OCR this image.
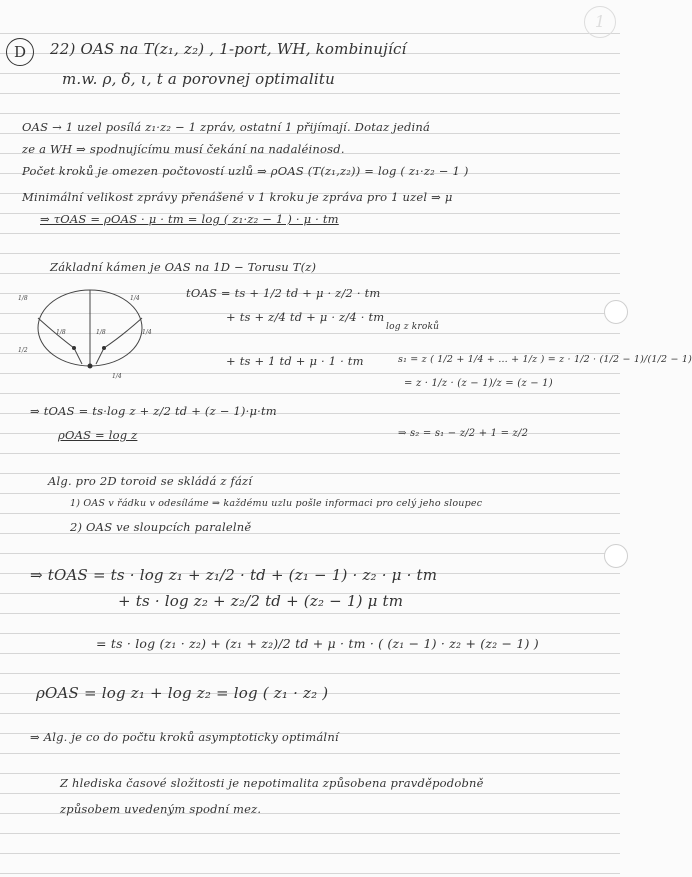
1
D	22) OAS na T(z₁, z₂) , 1-port, WH, kombinující
m.w. ρ, δ, ι, t a porovnej optimalitu
OAS → 1 uzel posílá z₁·z₂ − 1 zpráv, ostatní 1 přijímají. Dotaz jediná
ze a WH ⇒ spodnujícímu musí čekání na nadaléinosd.
Počet kroků je omezen počtovostí uzlů ⇒ ρOAS (T(z₁,z₂)) = log ( z₁·z₂ − 1 )
Minimální velikost zprávy přenášené v 1 kroku je zpráva pro 1 uzel ⇒ μ
⇒ τOAS = ρOAS · μ · tm = log ( z₁·z₂ − 1 ) · μ · tm
Základní kámen je OAS na 1D − Torusu T(z)
1/8	1/4
1/8	1/8	1/4
1/2
1/4
tOAS = ts + 1/2 td + μ · z/2 · tm
+ ts + z/4 td + μ · z/4 · tm
log z kroků
+ ts + 1 td + μ · 1 · tm	s₁ = z ( 1/2 + 1/4 + … + 1/z ) = z · 1/2 · (1/2 − 1)/(1/2 − 1)
= z · 1/z · (z − 1)/z = (z − 1)
⇒ tOAS = ts·log z + z/2 td + (z − 1)·μ·tm
ρOAS = log z	⇒ s₂ = s₁ − z/2 + 1 = z/2
Alg. pro 2D toroid se skládá z fází
1) OAS v řádku v odesíláme ⇒ každému uzlu pošle informaci pro celý jeho sloupec
2) OAS ve sloupcích paralelně
⇒ tOAS = ts · log z₁ + z₁/2 · td + (z₁ − 1) · z₂ · μ · tm
+ ts · log z₂ + z₂/2 td + (z₂ − 1) μ tm
= ts · log (z₁ · z₂) + (z₁ + z₂)/2 td + μ · tm · ( (z₁ − 1) · z₂ + (z₂ − 1) )
ρOAS = log z₁ + log z₂ = log ( z₁ · z₂ )
⇒ Alg. je co do počtu kroků asymptoticky optimální
Z hlediska časové složitosti je nepotimalita způsobena pravděpodobně
způsobem uvedeným spodní mez.
